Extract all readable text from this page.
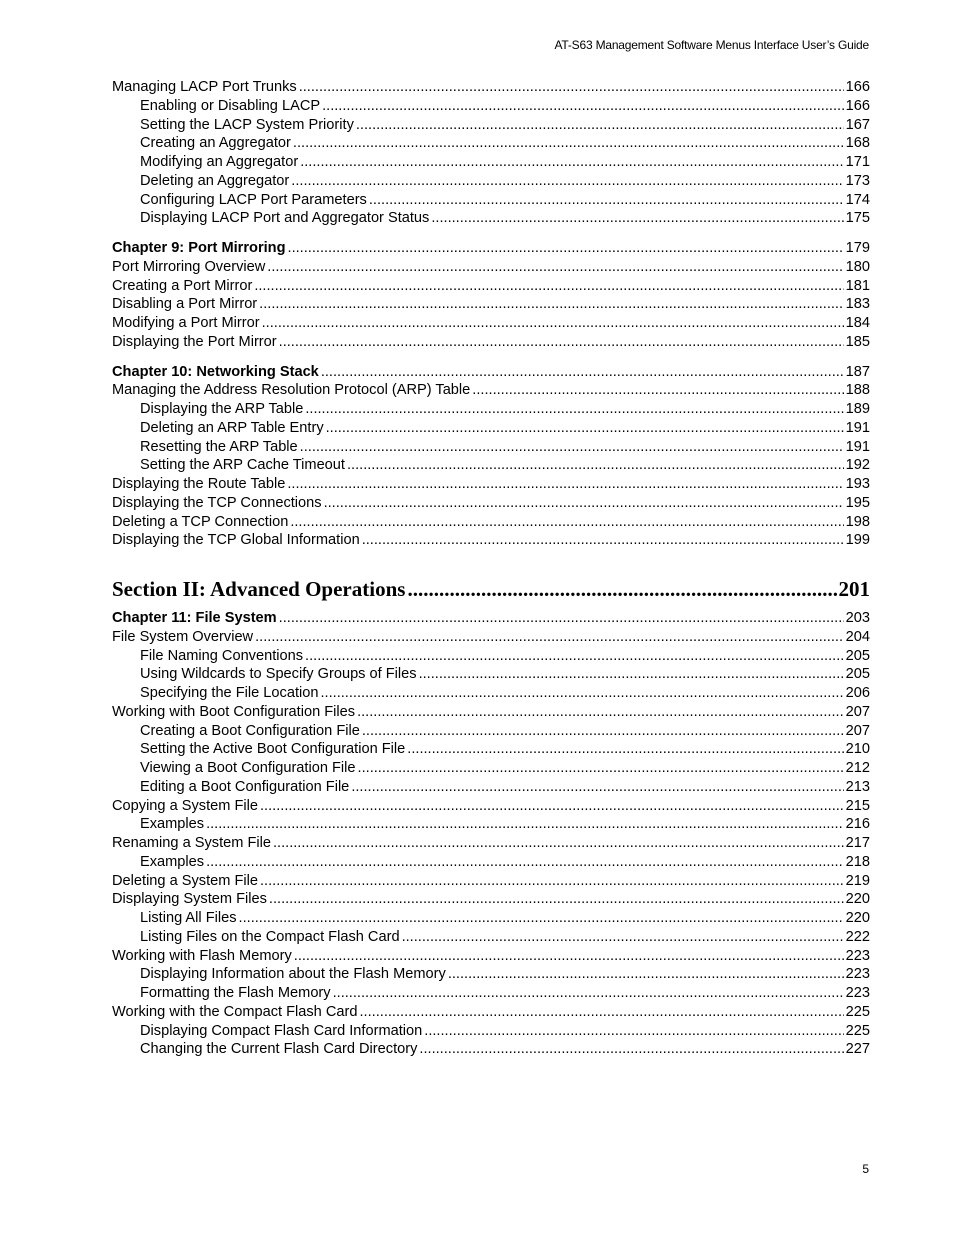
AT-S63 Management Software Menus Interface User’s Guide
Managing LACP Port Trunks .....	166
Enabling or Disabling LACP .....	166
Setting the LACP System Priority .....	167
Creating an Aggregator .....	168
Modifying an Aggregator .....	171
Deleting an Aggregator .....	173
Configuring LACP Port Parameters .....	174
Displaying LACP Port and Aggregator Status .....	175
Chapter 9: Port Mirroring .....	179
Port Mirroring Overview .....	180
Creating a Port Mirror .....	181
Disabling a Port Mirror .....	183
Modifying a Port Mirror .....	184
Displaying the Port Mirror .....	185
Chapter 10: Networking Stack .....	187
Managing the Address Resolution Protocol (ARP) Table .....	188
Displaying the ARP Table .....	189
Deleting an ARP Table Entry .....	191
Resetting the ARP Table .....	191
Setting the ARP Cache Timeout .....	192
Displaying the Route Table .....	193
Displaying the TCP Connections .....	195
Deleting a TCP Connection .....	198
Displaying the TCP Global Information .....	199
Section II: Advanced Operations .....	201
Chapter 11: File System .....	203
File System Overview .....	204
File Naming Conventions .....	205
Using Wildcards to Specify Groups of Files .....	205
Specifying the File Location .....	206
Working with Boot Configuration Files .....	207
Creating a Boot Configuration File .....	207
Setting the Active Boot Configuration File .....	210
Viewing a Boot Configuration File .....	212
Editing a Boot Configuration File .....	213
Copying a System File .....	215
Examples .....	216
Renaming a System File .....	217
Examples .....	218
Deleting a System File .....	219
Displaying System Files .....	220
Listing All Files .....	220
Listing Files on the Compact Flash Card .....	222
Working with Flash Memory .....	223
Displaying Information about the Flash Memory .....	223
Formatting the Flash Memory .....	223
Working with the Compact Flash Card .....	225
Displaying Compact Flash Card Information .....	225
Changing the Current Flash Card Directory .....	227
5
